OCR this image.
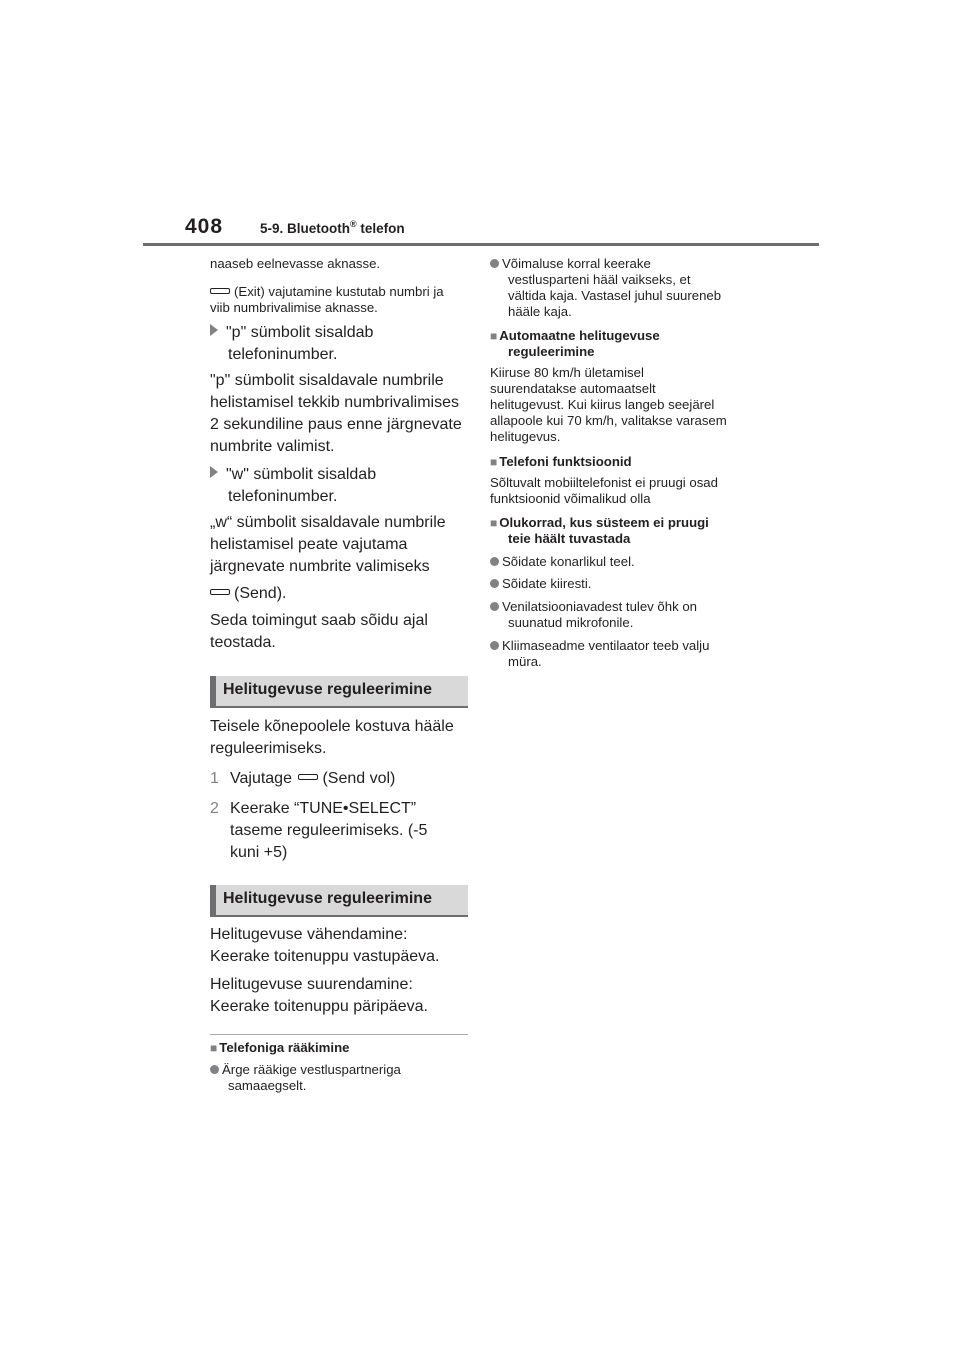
408	5-9. Bluetooth® telefon
naaseb eelnevasse aknasse.
(Exit) vajutamine kustutab numbri ja
viib numbrivalimise aknasse.
"p" sümbolit sisaldab
telefoninumber.
"p" sümbolit sisaldavale numbrile
helistamisel tekkib numbrivalimises
2 sekundiline paus enne järgnevate
numbrite valimist.
"w" sümbolit sisaldab
telefoninumber.
„w“ sümbolit sisaldavale numbrile
helistamisel peate vajutama
järgnevate numbrite valimiseks
(Send).
Seda toimingut saab sõidu ajal
teostada.
Helitugevuse reguleerimine
Teisele kõnepoolele kostuva hääle
reguleerimiseks.
1 Vajutage (Send vol)
2 Keerake “TUNE•SELECT”
taseme reguleerimiseks. (-5
kuni +5)
Helitugevuse reguleerimine
Helitugevuse vähendamine:
Keerake toitenuppu vastupäeva.
Helitugevuse suurendamine:
Keerake toitenuppu päripäeva.
■ Telefoniga rääkimine
Ärge rääkige vestluspartneriga
samaaegselt.
Võimaluse korral keerake
vestlusparteni hääl vaikseks, et
vältida kaja. Vastasel juhul suureneb
hääle kaja.
■ Automaatne helitugevuse
reguleerimine
Kiiruse 80 km/h ületamisel
suurendatakse automaatselt
helitugevust. Kui kiirus langeb seejärel
allapoole kui 70 km/h, valitakse varasem
helitugevus.
■ Telefoni funktsioonid
Sõltuvalt mobiiltelefonist ei pruugi osad
funktsioonid võimalikud olla
■ Olukorrad, kus süsteem ei pruugi
teie häält tuvastada
Sõidate konarlikul teel.
Sõidate kiiresti.
Venilatsiooniavadest tulev õhk on
suunatud mikrofonile.
Kliimaseadme ventilaator teeb valju
müra.
